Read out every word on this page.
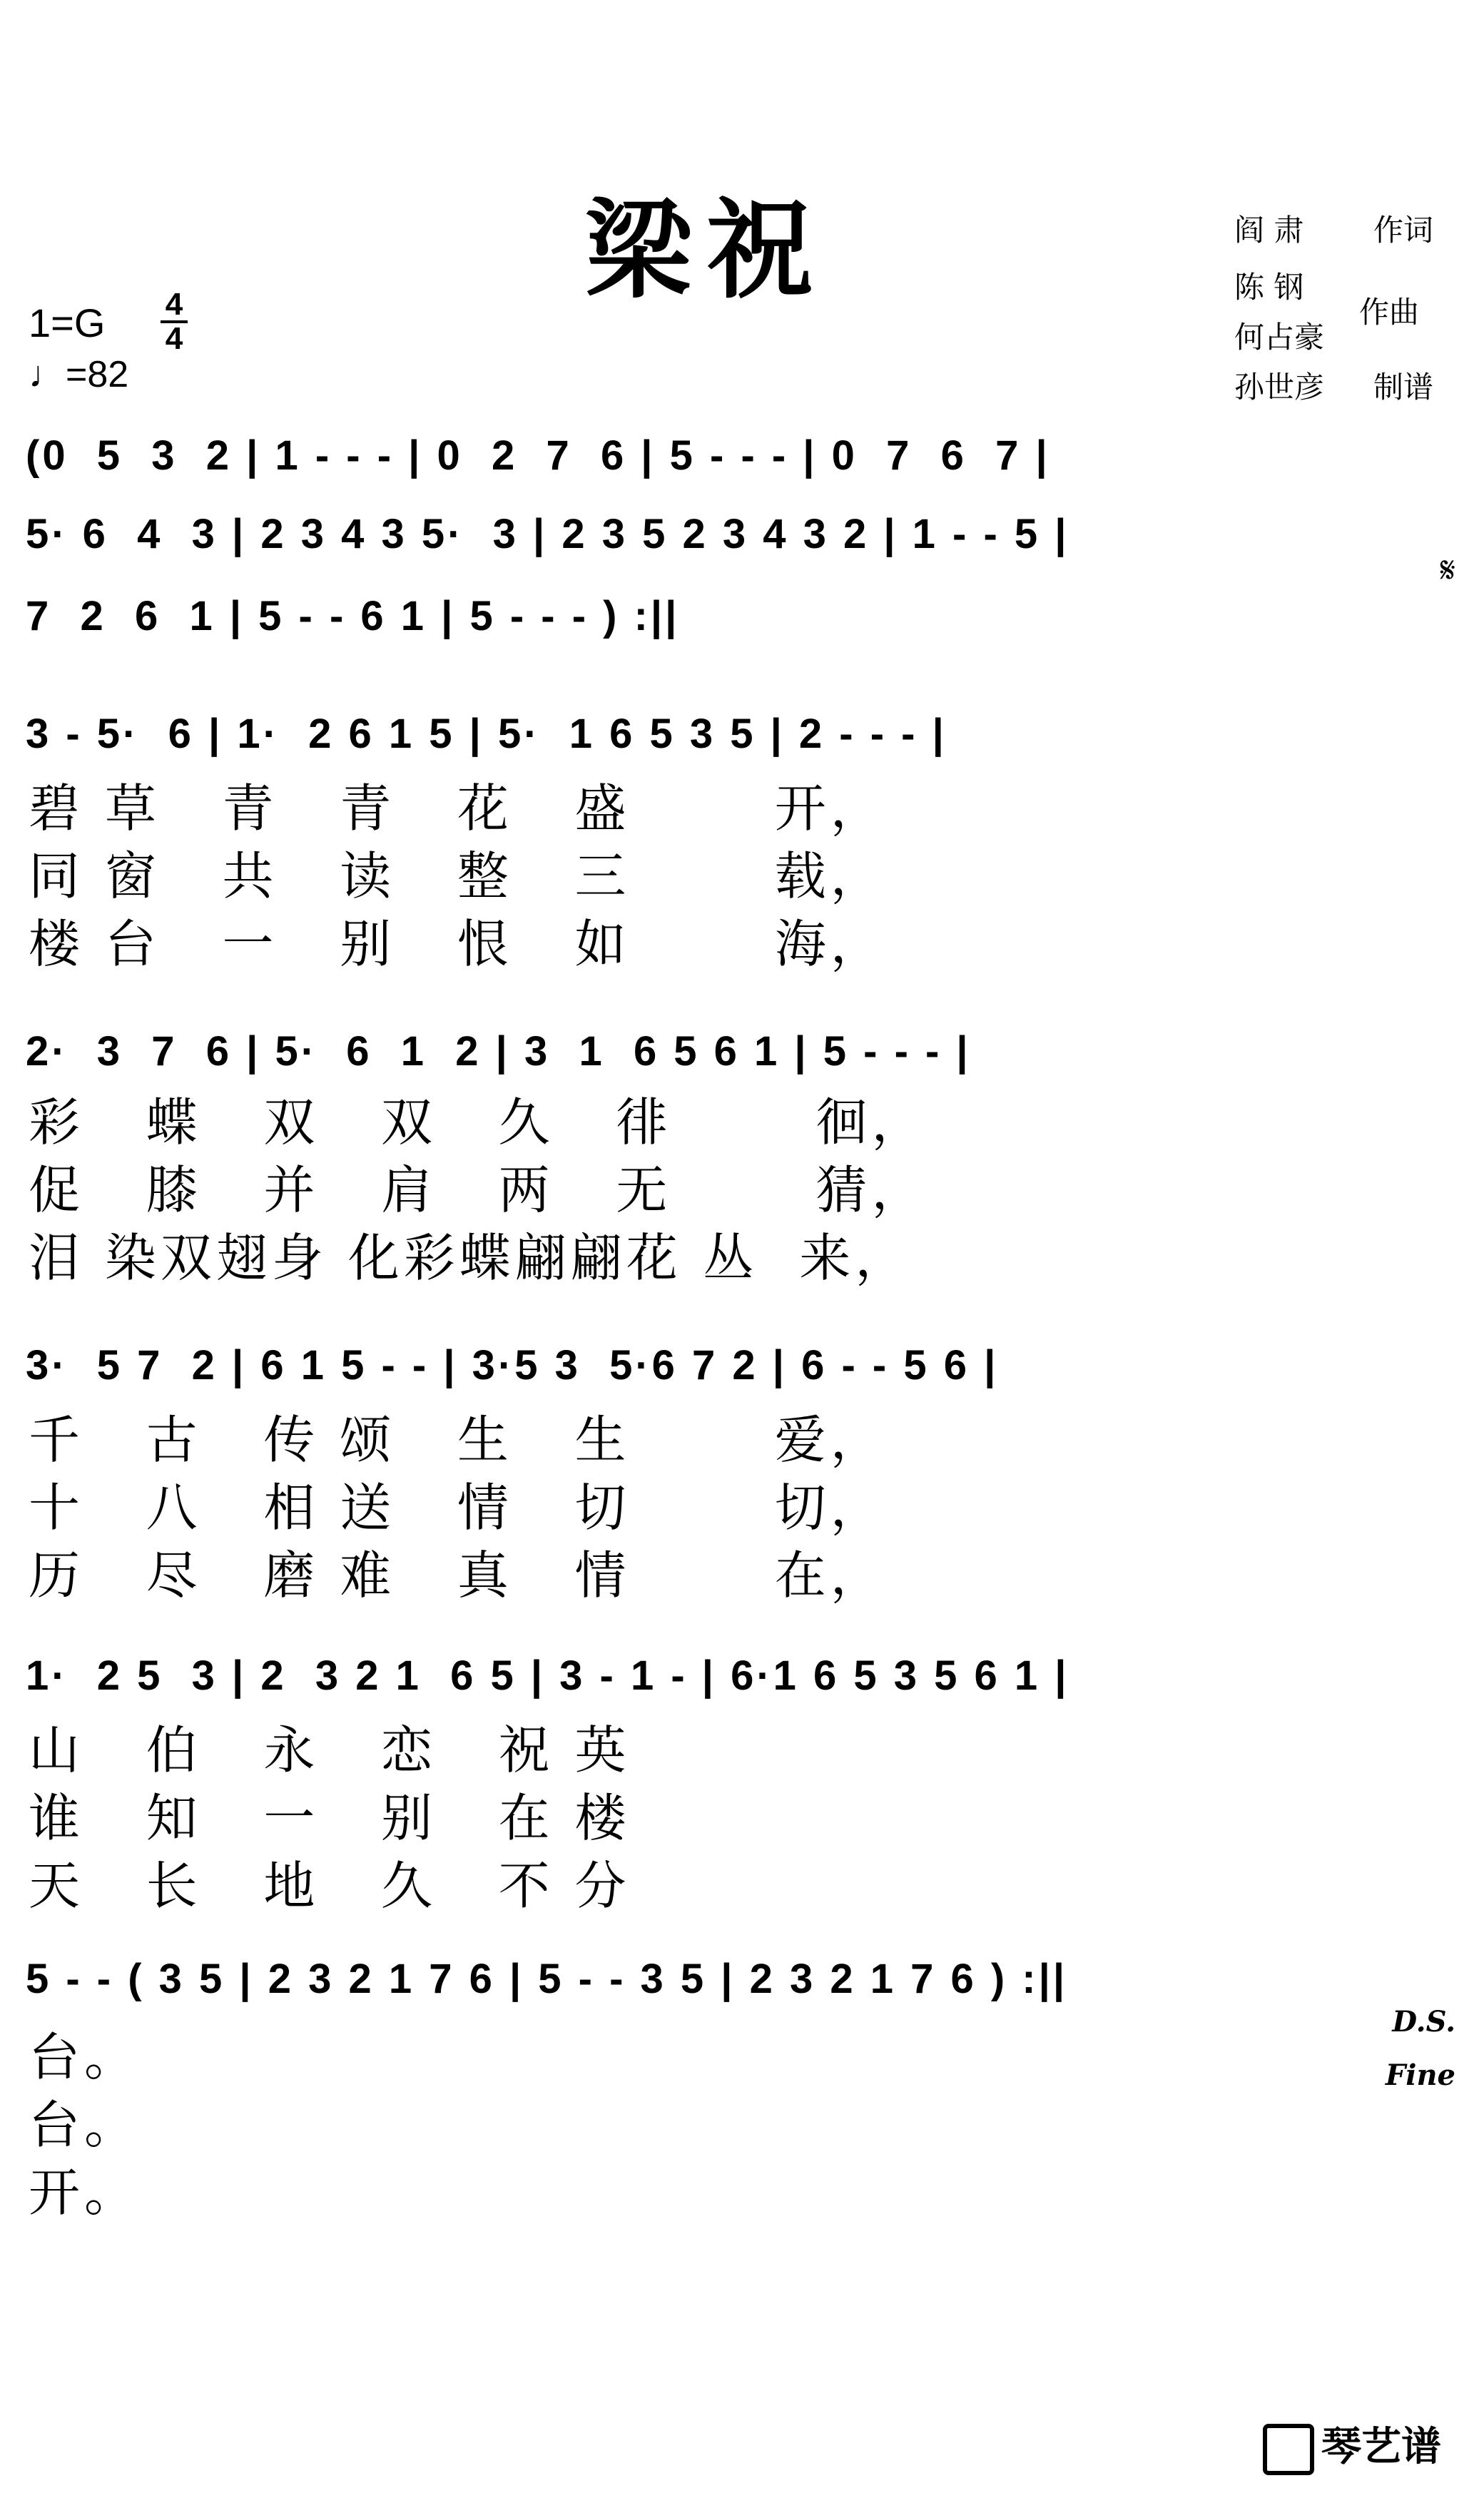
梁祝	阎 肃 作词
陈 钢
何占豪
作曲
孙世彦 制谱
1=G 4
4
♩=82
(0  5  3  2 | 1 - - - | 0  2  7  6 | 5 - - - | 0  7  6  7 |
5· 6  4  3 | 2 3 4 3 5·  3 | 2 3 5 2 3 4 3 2 | 1 - - 5 |
𝄋
7  2  6  1 | 5 - - 6 1 | 5 - - - ) :||
3 - 5·  6 | 1·  2 6 1 5 | 5·  1 6 5 3 5 | 2 - - - |
碧 草   青   青   花   盛       开，
同 窗   共   读   整   三       载，
楼 台   一   别   恨   如       海，
2·  3  7  6 | 5·  6  1  2 | 3  1  6 5 6 1 | 5 - - - |
彩   蝶   双   双   久   徘       徊，
促   膝   并   肩   两   无       猜，
泪 染双翅身 化彩蝶翩翩花 丛  来，
3·  5 7  2 | 6 1 5 - - | 3·5 3  5·6 7 2 | 6 - - 5 6 |
千   古   传 颂   生   生       爱，
十   八   相 送   情   切       切，
历   尽   磨 难   真   情       在，
1·  2 5  3 | 2  3 2 1  6 5 | 3 - 1 - | 6·1 6 5 3 5 6 1 |
山   伯   永   恋   祝 英
谁   知   一   别   在 楼
天   长   地   久   不 分
5 - - ( 3 5 | 2 3 2 1 7 6 | 5 - - 3 5 | 2 3 2 1 7 6 ) :||
D.S.
Fine
台。
台。
开。
琴艺谱
